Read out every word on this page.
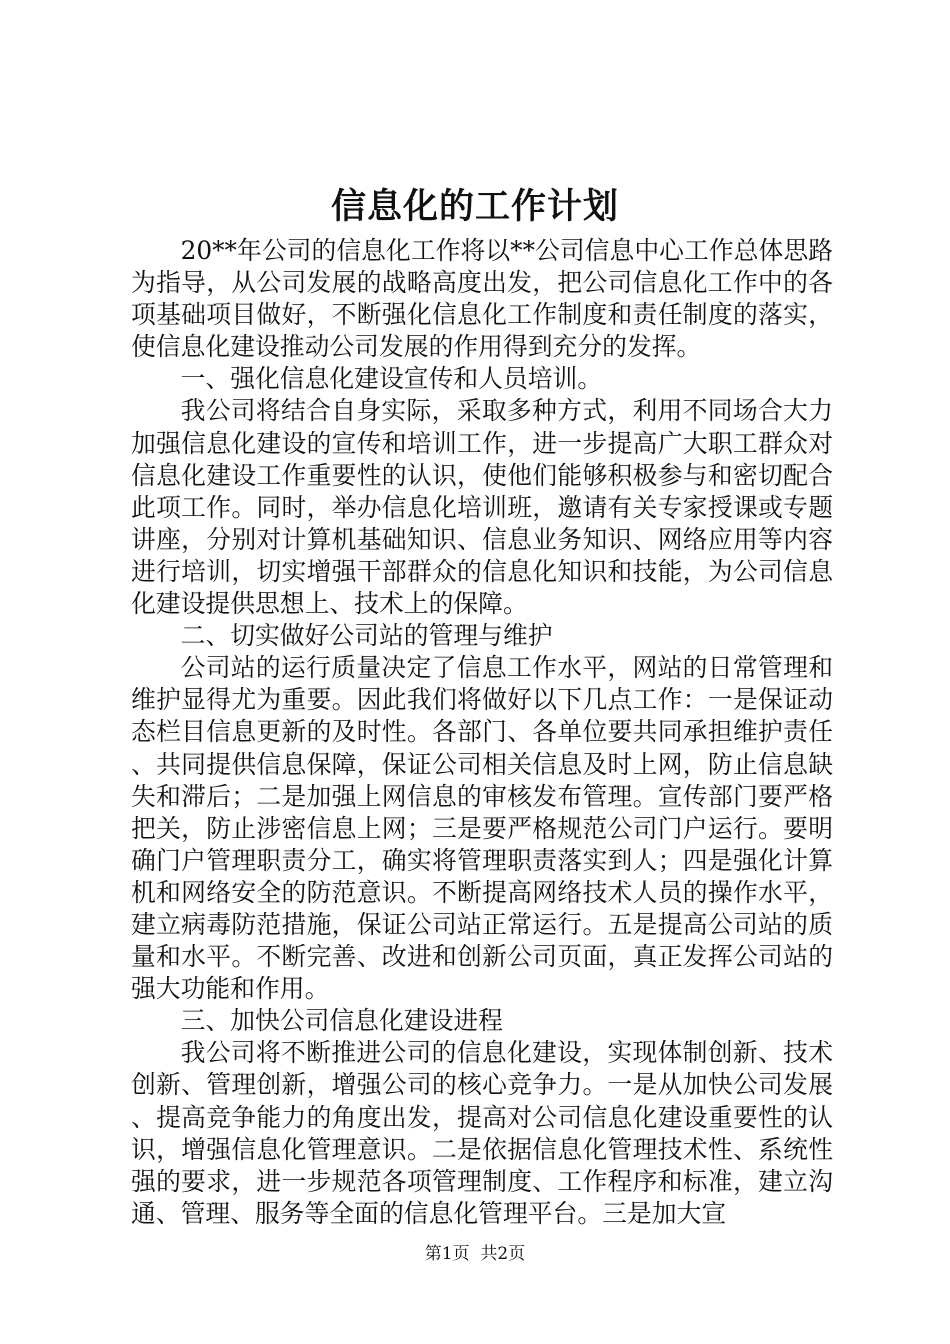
信息化的工作计划

20**年公司的信息化工作将以**公司信息中心工作总体思路为指导，从公司发展的战略高度出发，把公司信息化工作中的各项基础项目做好，不断强化信息化工作制度和责任制度的落实，使信息化建设推动公司发展的作用得到充分的发挥。

一、强化信息化建设宣传和人员培训。

我公司将结合自身实际，采取多种方式，利用不同场合大力加强信息化建设的宣传和培训工作，进一步提高广大职工群众对信息化建设工作重要性的认识，使他们能够积极参与和密切配合此项工作。同时，举办信息化培训班，邀请有关专家授课或专题讲座，分别对计算机基础知识、信息业务知识、网络应用等内容进行培训，切实增强干部群众的信息化知识和技能，为公司信息化建设提供思想上、技术上的保障。

二、切实做好公司站的管理与维护

公司站的运行质量决定了信息工作水平，网站的日常管理和维护显得尤为重要。因此我们将做好以下几点工作：一是保证动态栏目信息更新的及时性。各部门、各单位要共同承担维护责任、共同提供信息保障，保证公司相关信息及时上网，防止信息缺失和滞后；二是加强上网信息的审核发布管理。宣传部门要严格把关，防止涉密信息上网；三是要严格规范公司门户运行。要明确门户管理职责分工，确实将管理职责落实到人；四是强化计算机和网络安全的防范意识。不断提高网络技术人员的操作水平，建立病毒防范措施，保证公司站正常运行。五是提高公司站的质量和水平。不断完善、改进和创新公司页面，真正发挥公司站的强大功能和作用。

三、加快公司信息化建设进程

我公司将不断推进公司的信息化建设，实现体制创新、技术创新、管理创新，增强公司的核心竞争力。一是从加快公司发展、提高竞争能力的角度出发，提高对公司信息化建设重要性的认识，增强信息化管理意识。二是依据信息化管理技术性、系统性强的要求，进一步规范各项管理制度、工作程序和标准，建立沟通、管理、服务等全面的信息化管理平台。三是加大宣

第1页  共2页
